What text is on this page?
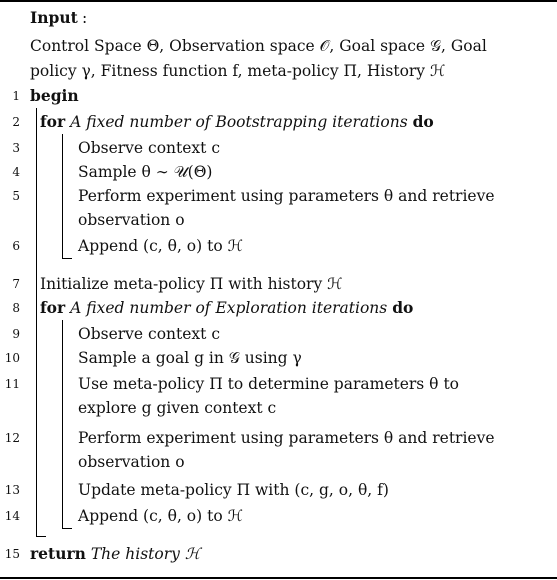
Input :
Control Space Θ, Observation space 𝒪, Goal space 𝒢, Goal
policy γ, Fitness function f, meta-policy Π, History ℋ
1 begin
2 for A fixed number of Bootstrapping iterations do
3	Observe context c
4	Sample θ ∼ 𝒰(Θ)
5	Perform experiment using parameters θ and retrieve
observation o
6	Append (c, θ, o) to ℋ
7 Initialize meta-policy Π with history ℋ
8 for A fixed number of Exploration iterations do
9	Observe context c
10	Sample a goal g in 𝒢 using γ
11	Use meta-policy Π to determine parameters θ to
explore g given context c
12	Perform experiment using parameters θ and retrieve
observation o
13	Update meta-policy Π with (c, g, o, θ, f)
14	Append (c, θ, o) to ℋ
15 return The history ℋ
